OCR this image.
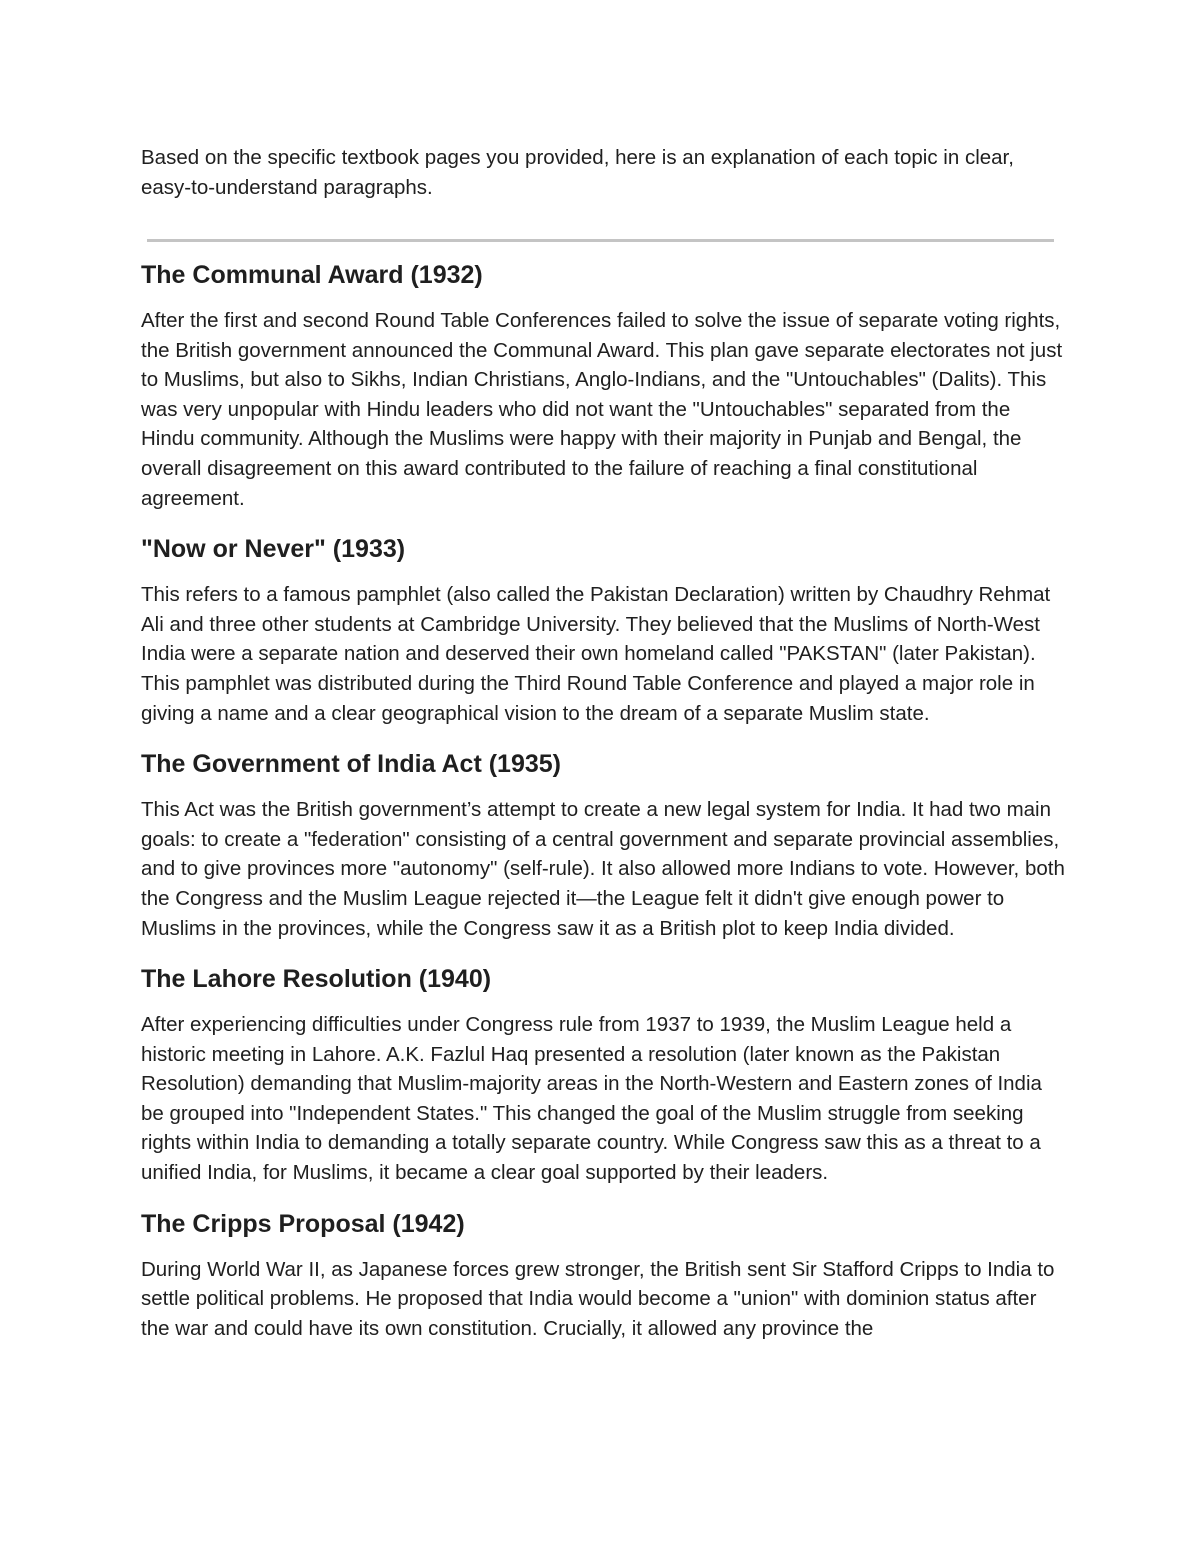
Based on the specific textbook pages you provided, here is an explanation of each topic in clear, easy-to-understand paragraphs.

The Communal Award (1932)

After the first and second Round Table Conferences failed to solve the issue of separate voting rights, the British government announced the Communal Award. This plan gave separate electorates not just to Muslims, but also to Sikhs, Indian Christians, Anglo-Indians, and the "Untouchables" (Dalits). This was very unpopular with Hindu leaders who did not want the "Untouchables" separated from the Hindu community. Although the Muslims were happy with their majority in Punjab and Bengal, the overall disagreement on this award contributed to the failure of reaching a final constitutional agreement.

"Now or Never" (1933)

This refers to a famous pamphlet (also called the Pakistan Declaration) written by Chaudhry Rehmat Ali and three other students at Cambridge University. They believed that the Muslims of North-West India were a separate nation and deserved their own homeland called "PAKSTAN" (later Pakistan). This pamphlet was distributed during the Third Round Table Conference and played a major role in giving a name and a clear geographical vision to the dream of a separate Muslim state.

The Government of India Act (1935)

This Act was the British government’s attempt to create a new legal system for India. It had two main goals: to create a "federation" consisting of a central government and separate provincial assemblies, and to give provinces more "autonomy" (self-rule). It also allowed more Indians to vote. However, both the Congress and the Muslim League rejected it—the League felt it didn't give enough power to Muslims in the provinces, while the Congress saw it as a British plot to keep India divided.

The Lahore Resolution (1940)

After experiencing difficulties under Congress rule from 1937 to 1939, the Muslim League held a historic meeting in Lahore. A.K. Fazlul Haq presented a resolution (later known as the Pakistan Resolution) demanding that Muslim-majority areas in the North-Western and Eastern zones of India be grouped into "Independent States." This changed the goal of the Muslim struggle from seeking rights within India to demanding a totally separate country. While Congress saw this as a threat to a unified India, for Muslims, it became a clear goal supported by their leaders.

The Cripps Proposal (1942)

During World War II, as Japanese forces grew stronger, the British sent Sir Stafford Cripps to India to settle political problems. He proposed that India would become a "union" with dominion status after the war and could have its own constitution. Crucially, it allowed any province the
